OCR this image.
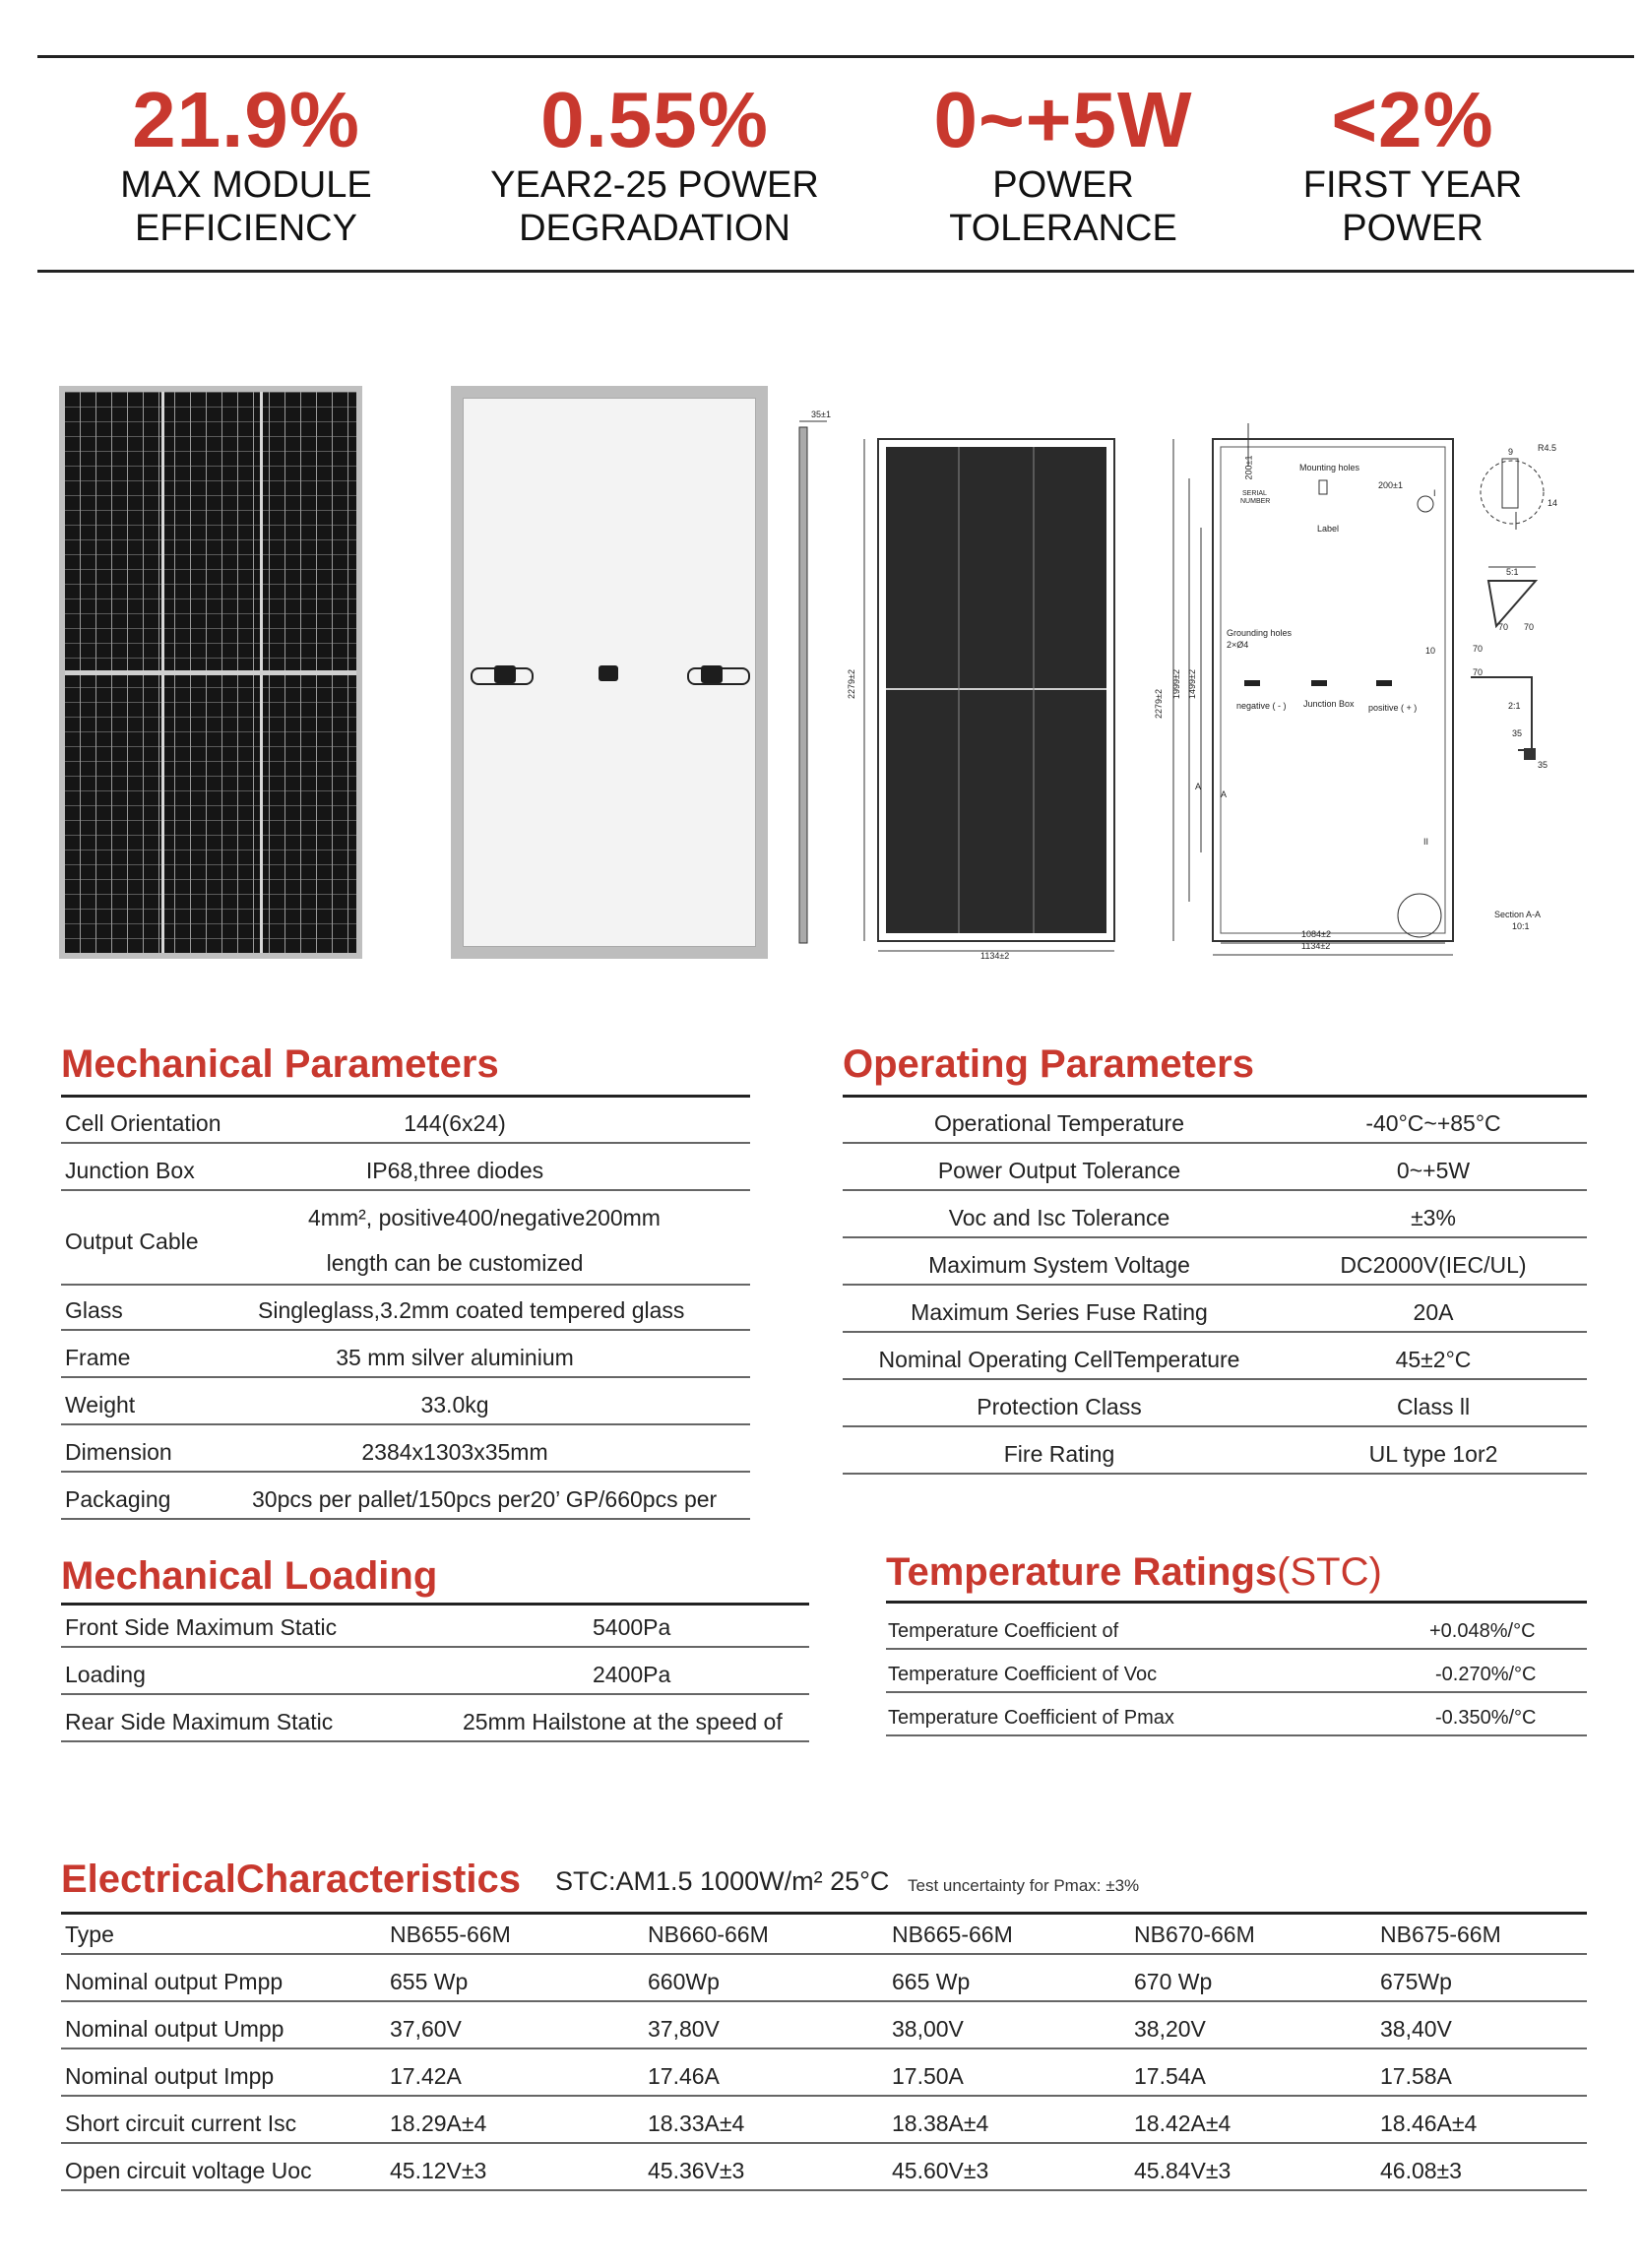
21.9%
MAX MODULE
EFFICIENCY
0.55%
YEAR2-25 POWER
DEGRADATION
0~+5W
POWER
TOLERANCE
<2%
FIRST YEAR
POWER
35±1
2279±2
1134±2
2279±2
1999±2 1499±2
200±1	Mounting holes
200±1
SERIAL
NUMBER
Label
Grounding holes
2×Ø4
negative ( - ) Junction Box positive ( + )
10
A
A
1084±2
1134±2
I
II
5:1
R4.5
9
14
70 70
70
70
2:1
35
35
Section A-A
10:1
Mechanical Parameters
Cell Orientation	144(6x24)
Junction Box	IP68,three diodes
Output Cable
4mm², positive400/negative200mm
length can be customized
Glass	Singleglass,3.2mm coated tempered glass
Frame	35 mm silver aluminium
Weight	33.0kg
Dimension	2384x1303x35mm
Packaging	30pcs per pallet/150pcs per20’ GP/660pcs per
Operating Parameters
Operational Temperature	-40°C~+85°C
Power Output Tolerance	0~+5W
Voc and Isc Tolerance	±3%
Maximum System Voltage	DC2000V(IEC/UL)
Maximum Series Fuse Rating	20A
Nominal Operating CellTemperature	45±2°C
Protection Class	Class ll
Fire Rating	UL type 1or2
Mechanical Loading
Front Side Maximum Static	5400Pa
Loading	2400Pa
Rear Side Maximum Static	25mm Hailstone at the speed of
Temperature Ratings(STC)
Temperature Coefficient of	+0.048%/°C
Temperature Coefficient of Voc	-0.270%/°C
Temperature Coefficient of Pmax	-0.350%/°C
ElectricalCharacteristics STC:AM1.5 1000W/m² 25°C Test uncertainty for Pmax: ±3%
Type	NB655-66M	NB660-66M	NB665-66M	NB670-66M	NB675-66M
Nominal output Pmpp	655 Wp	660Wp	665 Wp	670 Wp	675Wp
Nominal output Umpp	37,60V	37,80V	38,00V	38,20V	38,40V
Nominal output Impp	17.42A	17.46A	17.50A	17.54A	17.58A
Short circuit current Isc	18.29A±4	18.33A±4	18.38A±4	18.42A±4	18.46A±4
Open circuit voltage Uoc	45.12V±3	45.36V±3	45.60V±3	45.84V±3	46.08±3
